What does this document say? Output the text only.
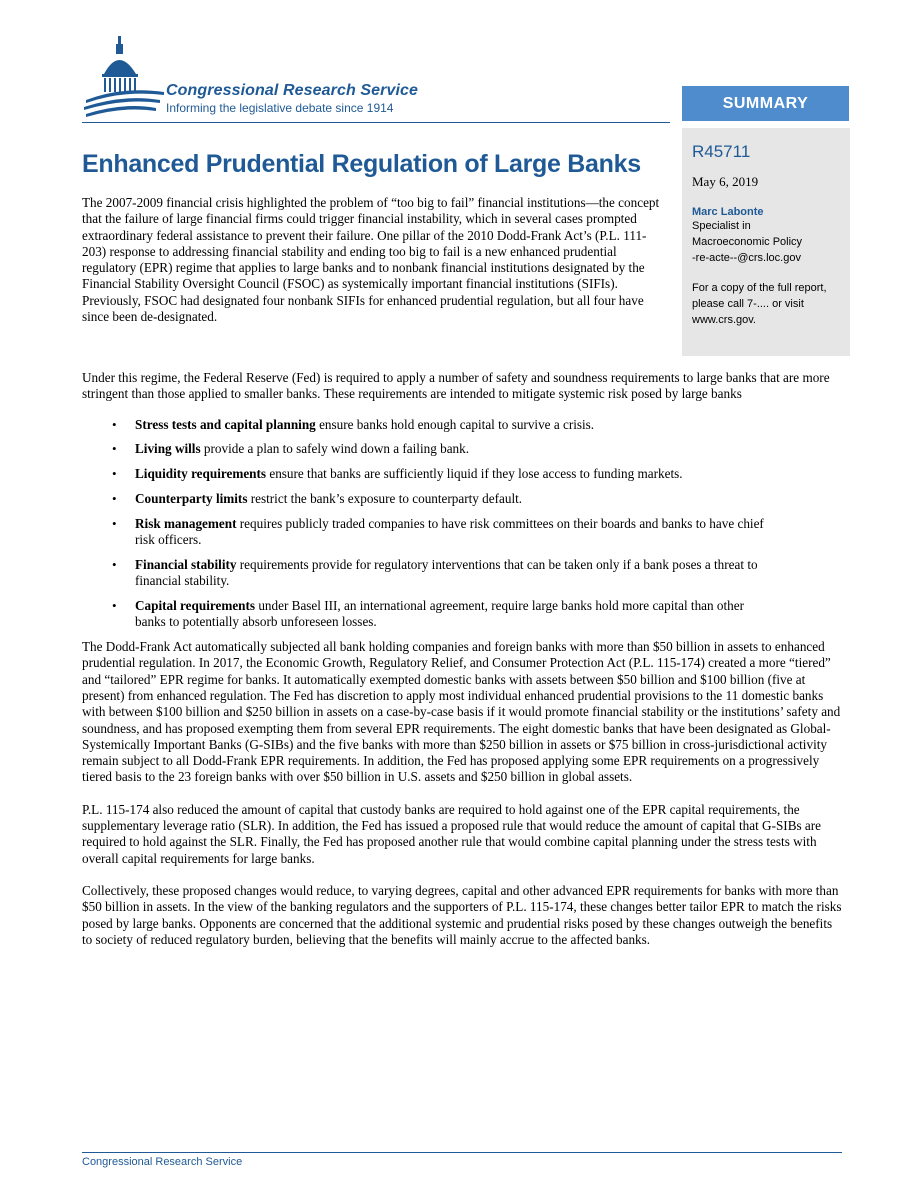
Congressional Research Service
Informing the legislative debate since 1914	SUMMARY
R45711
May 6, 2019
Marc Labonte
Specialist in
Macroeconomic Policy
-re-acte--@crs.loc.gov
For a copy of the full report,
please call 7-.... or visit
www.crs.gov.
Enhanced Prudential Regulation of Large Banks
The 2007-2009 financial crisis highlighted the problem of “too big to fail” financial institutions—the concept that the failure of large financial firms could trigger financial instability, which in several cases prompted extraordinary federal assistance to prevent their failure. One pillar of the 2010 Dodd-Frank Act’s (P.L. 111-203) response to addressing financial stability and ending too big to fail is a new enhanced prudential regulatory (EPR) regime that applies to large banks and to nonbank financial institutions designated by the Financial Stability Oversight Council (FSOC) as systemically important financial institutions (SIFIs). Previously, FSOC had designated four nonbank SIFIs for enhanced prudential regulation, but all four have since been de-designated.

Under this regime, the Federal Reserve (Fed) is required to apply a number of safety and soundness requirements to large banks that are more stringent than those applied to smaller banks. These requirements are intended to mitigate systemic risk posed by large banks

• Stress tests and capital planning ensure banks hold enough capital to survive a crisis.
• Living wills provide a plan to safely wind down a failing bank.
• Liquidity requirements ensure that banks are sufficiently liquid if they lose access to funding markets.
• Counterparty limits restrict the bank’s exposure to counterparty default.
• Risk management requires publicly traded companies to have risk committees on their boards and banks to have chief risk officers.
• Financial stability requirements provide for regulatory interventions that can be taken only if a bank poses a threat to financial stability.
• Capital requirements under Basel III, an international agreement, require large banks hold more capital than other banks to potentially absorb unforeseen losses.

The Dodd-Frank Act automatically subjected all bank holding companies and foreign banks with more than $50 billion in assets to enhanced prudential regulation. In 2017, the Economic Growth, Regulatory Relief, and Consumer Protection Act (P.L. 115-174) created a more “tiered” and “tailored” EPR regime for banks. It automatically exempted domestic banks with assets between $50 billion and $100 billion (five at present) from enhanced regulation. The Fed has discretion to apply most individual enhanced prudential provisions to the 11 domestic banks with between $100 billion and $250 billion in assets on a case-by-case basis if it would promote financial stability or the institutions’ safety and soundness, and has proposed exempting them from several EPR requirements. The eight domestic banks that have been designated as Global-Systemically Important Banks (G-SIBs) and the five banks with more than $250 billion in assets or $75 billion in cross-jurisdictional activity remain subject to all Dodd-Frank EPR requirements. In addition, the Fed has proposed applying some EPR requirements on a progressively tiered basis to the 23 foreign banks with over $50 billion in U.S. assets and $250 billion in global assets.

P.L. 115-174 also reduced the amount of capital that custody banks are required to hold against one of the EPR capital requirements, the supplementary leverage ratio (SLR). In addition, the Fed has issued a proposed rule that would reduce the amount of capital that G-SIBs are required to hold against the SLR. Finally, the Fed has proposed another rule that would combine capital planning under the stress tests with overall capital requirements for large banks.

Collectively, these proposed changes would reduce, to varying degrees, capital and other advanced EPR requirements for banks with more than $50 billion in assets. In the view of the banking regulators and the supporters of P.L. 115-174, these changes better tailor EPR to match the risks posed by large banks. Opponents are concerned that the additional systemic and prudential risks posed by these changes outweigh the benefits to society of reduced regulatory burden, believing that the benefits will mainly accrue to the affected banks.

Congressional Research Service
